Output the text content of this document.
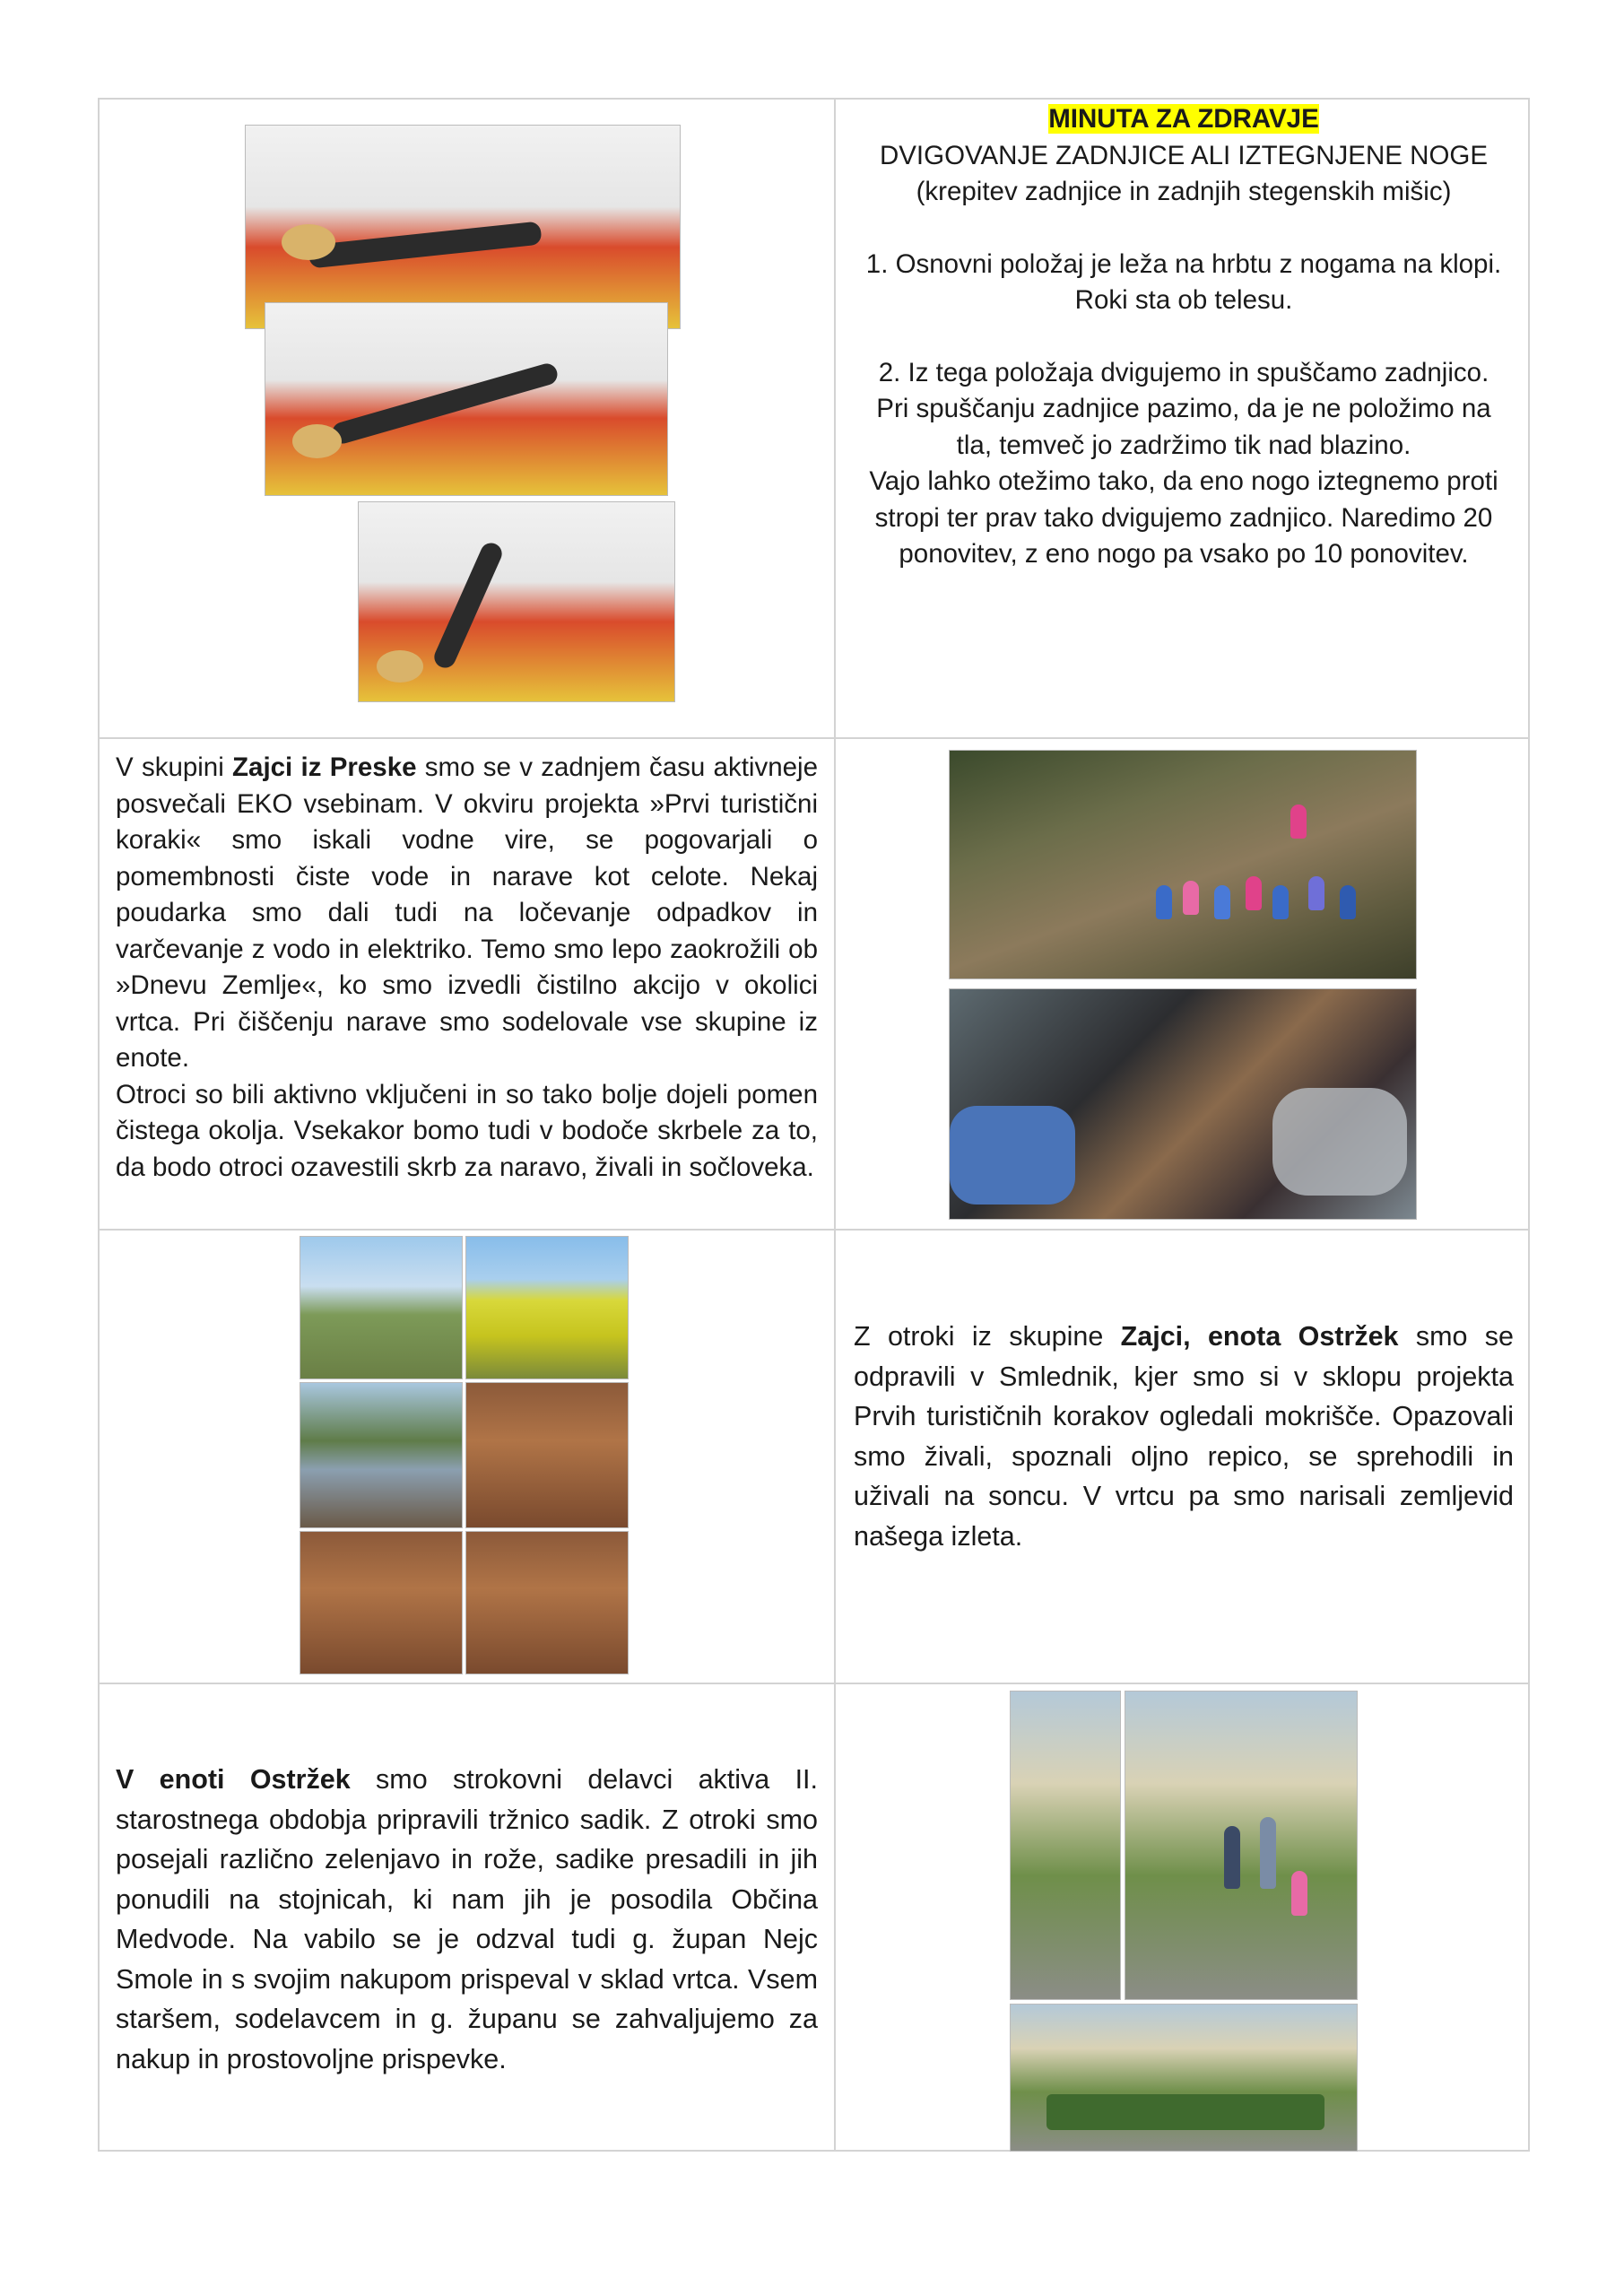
MINUTA ZA ZDRAVJE

DVIGOVANJE ZADNJICE ALI IZTEGNJENE NOGE

(krepitev zadnjice in zadnjih stegenskih mišic)

1. Osnovni položaj je leža na hrbtu z nogama na klopi. Roki sta ob telesu.

2. Iz tega položaja dvigujemo in spuščamo zadnjico. Pri spuščanju zadnjice pazimo, da je ne položimo na tla, temveč jo zadržimo tik nad blazino.

Vajo lahko otežimo tako, da eno nogo iztegnemo proti stropi ter prav tako dvigujemo zadnjico. Naredimo 20 ponovitev, z eno nogo pa vsako po 10 ponovitev.

V skupini Zajci iz Preske smo se v zadnjem času aktivneje posvečali EKO vsebinam. V okviru projekta »Prvi turistični koraki« smo iskali vodne vire, se pogovarjali o pomembnosti čiste vode in narave kot celote. Nekaj poudarka smo dali tudi na ločevanje odpadkov in varčevanje z vodo in elektriko. Temo smo lepo zaokrožili ob »Dnevu Zemlje«, ko smo izvedli čistilno akcijo v okolici vrtca. Pri čiščenju narave smo sodelovale vse skupine iz enote.

Otroci so bili aktivno vključeni in so tako bolje dojeli pomen čistega okolja. Vsekakor bomo tudi v bodoče skrbele za to, da bodo otroci ozavestili skrb za naravo, živali in sočloveka.

Z otroki iz skupine Zajci, enota Ostržek smo se odpravili v Smlednik, kjer smo si v sklopu projekta Prvih turističnih korakov ogledali mokrišče. Opazovali smo živali, spoznali oljno repico, se sprehodili in uživali na soncu. V vrtcu pa smo narisali zemljevid našega izleta.

V enoti Ostržek smo strokovni delavci aktiva II. starostnega obdobja pripravili tržnico sadik. Z otroki smo posejali različno zelenjavo in rože, sadike presadili in jih ponudili na stojnicah, ki nam jih je posodila Občina Medvode. Na vabilo se je odzval tudi g. župan Nejc Smole in s svojim nakupom prispeval v sklad vrtca. Vsem staršem, sodelavcem in g. županu se zahvaljujemo za nakup in prostovoljne prispevke.
